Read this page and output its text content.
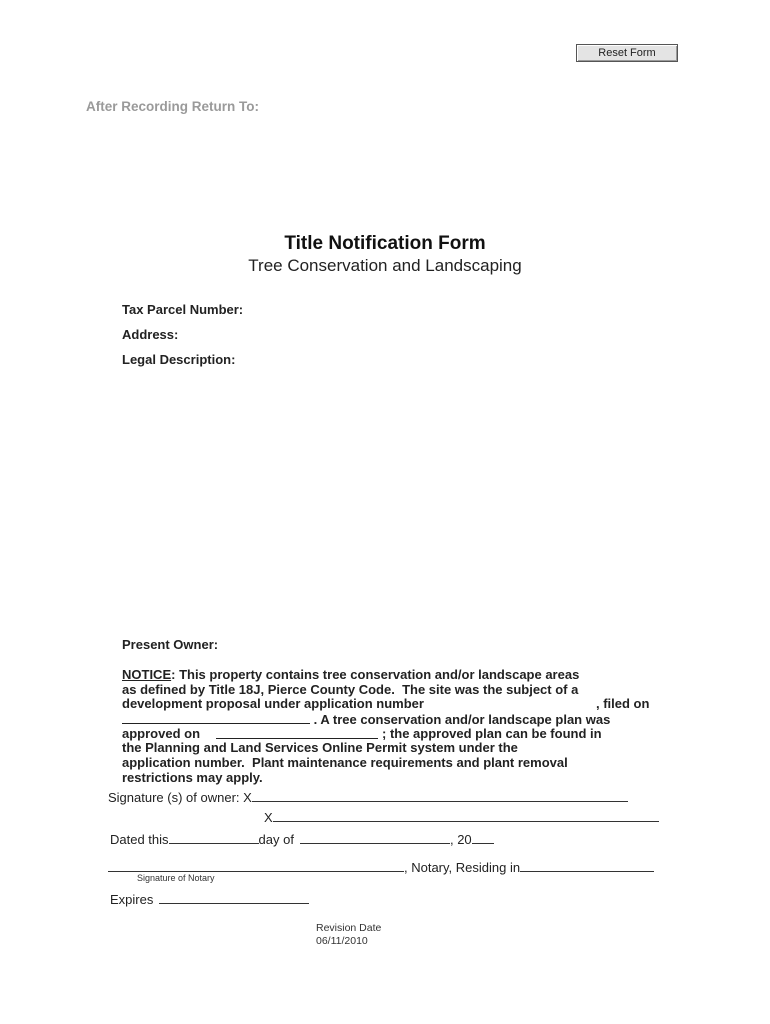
Reset Form
After Recording Return To:
Title Notification Form
Tree Conservation and Landscaping
Tax Parcel Number:
Address:
Legal Description:
Present Owner:
NOTICE: This property contains tree conservation and/or landscape areas
as defined by Title 18J, Pierce County Code.  The site was the subject of a
development proposal under application number	, filed on
. A tree conservation and/or landscape plan was
approved on	; the approved plan can be found in
the Planning and Land Services Online Permit system under the
application number.  Plant maintenance requirements and plant removal
restrictions may apply.
Signature (s) of owner: X
X
Dated this	day of	, 20
, Notary, Residing in
Signature of Notary
Expires
Revision Date
06/11/2010
